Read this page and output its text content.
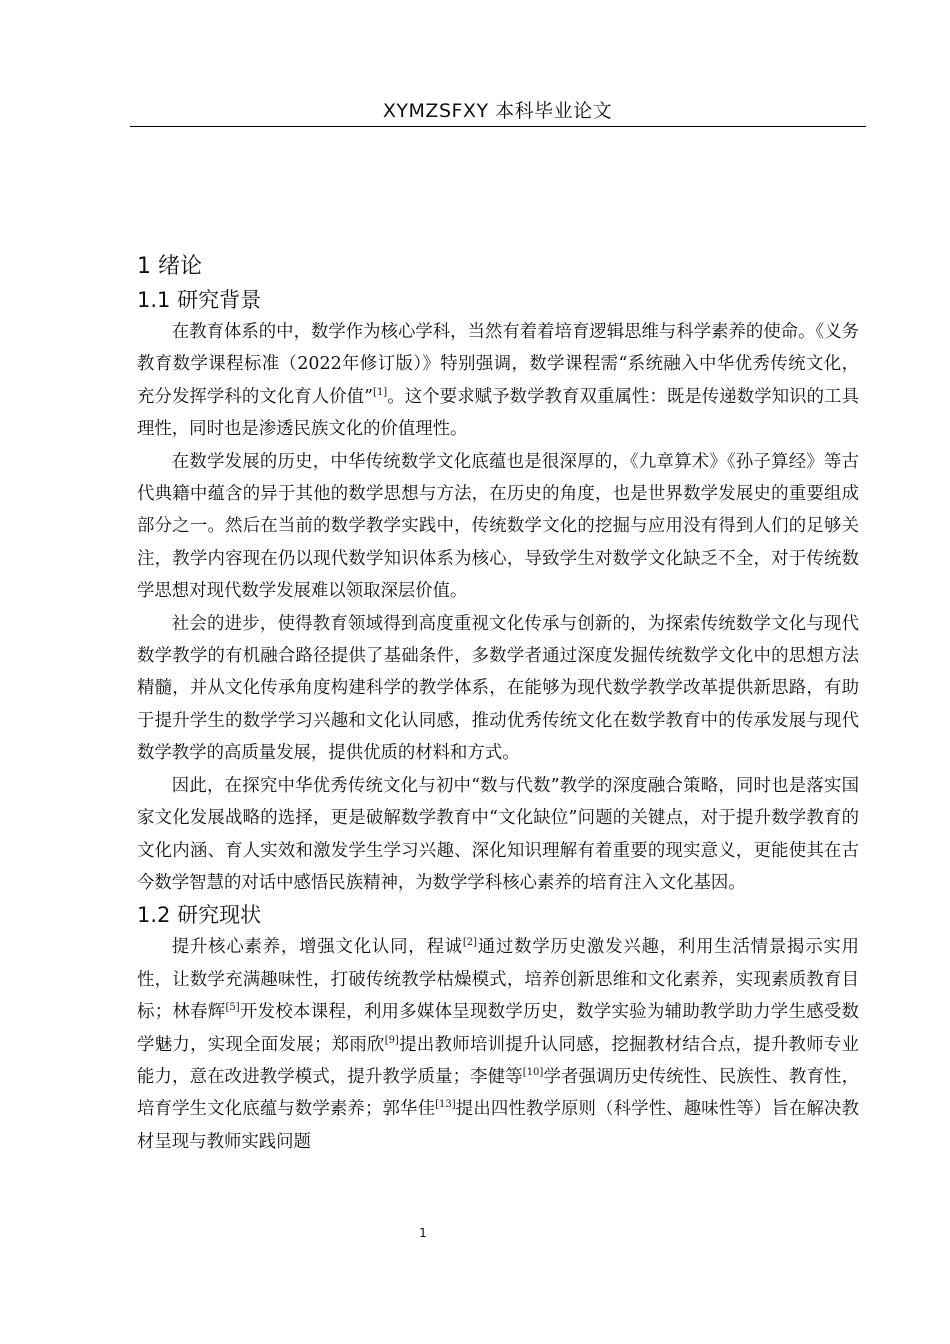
XYMZSFXY 本科毕业论文
1 绪论
1.1 研究背景

在教育体系的中，数学作为核心学科，当然有着着培育逻辑思维与科学素养的使命。《义务教育数学课程标准（2022年修订版）》特别强调，数学课程需“系统融入中华优秀传统文化，充分发挥学科的文化育人价值”[1]。这个要求赋予数学教育双重属性：既是传递数学知识的工具理性，同时也是渗透民族文化的价值理性。

在数学发展的历史，中华传统数学文化底蕴也是很深厚的，《九章算术》《孙子算经》等古代典籍中蕴含的异于其他的数学思想与方法，在历史的角度，也是世界数学发展史的重要组成部分之一。然后在当前的数学教学实践中，传统数学文化的挖掘与应用没有得到人们的足够关注，教学内容现在仍以现代数学知识体系为核心，导致学生对数学文化缺乏不全，对于传统数学思想对现代数学发展难以领取深层价值。

社会的进步，使得教育领域得到高度重视文化传承与创新的，为探索传统数学文化与现代数学教学的有机融合路径提供了基础条件，多数学者通过深度发掘传统数学文化中的思想方法精髓，并从文化传承角度构建科学的教学体系，在能够为现代数学教学改革提供新思路，有助于提升学生的数学学习兴趣和文化认同感，推动优秀传统文化在数学教育中的传承发展与现代数学教学的高质量发展，提供优质的材料和方式。

因此，在探究中华优秀传统文化与初中“数与代数”教学的深度融合策略，同时也是落实国家文化发展战略的选择，更是破解数学教育中“文化缺位”问题的关键点，对于提升数学教育的文化内涵、育人实效和激发学生学习兴趣、深化知识理解有着重要的现实意义，更能使其在古今数学智慧的对话中感悟民族精神，为数学学科核心素养的培育注入文化基因。

1.2 研究现状

提升核心素养，增强文化认同，程诚[2]通过数学历史激发兴趣，利用生活情景揭示实用性，让数学充满趣味性，打破传统教学枯燥模式，培养创新思维和文化素养，实现素质教育目标；林春辉[5]开发校本课程，利用多媒体呈现数学历史，数学实验为辅助教学助力学生感受数学魅力，实现全面发展；郑雨欣[9]提出教师培训提升认同感，挖掘教材结合点，提升教师专业能力，意在改进教学模式，提升教学质量；李健等[10]学者强调历史传统性、民族性、教育性，培育学生文化底蕴与数学素养；郭华佳[13]提出四性教学原则（科学性、趣味性等）旨在解决教材呈现与教师实践问题

1
